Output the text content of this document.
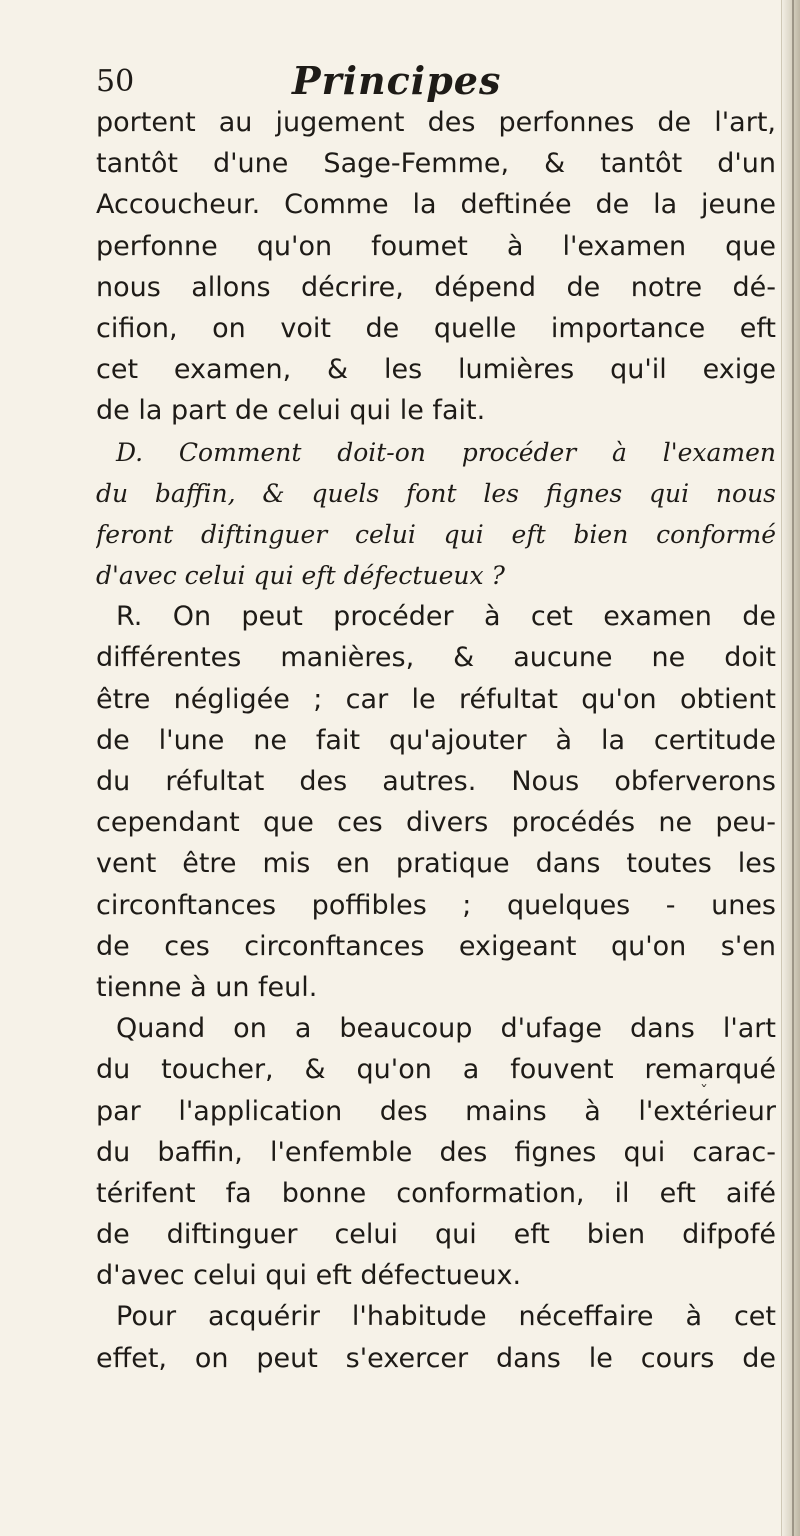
50	Principes
portent au jugement des perfonnes de l'art,
tantôt d'une Sage-Femme, & tantôt d'un
Accoucheur. Comme la deftinée de la jeune
perfonne qu'on foumet à l'examen que
nous allons décrire, dépend de notre dé-
cifion, on voit de quelle importance eft
cet examen, & les lumières qu'il exige
de la part de celui qui le fait.
D. Comment doit-on procéder à l'examen
du baffin, & quels font les fignes qui nous
feront diftinguer celui qui eft bien conformé
d'avec celui qui eft défectueux ?
R. On peut procéder à cet examen de
différentes manières, & aucune ne doit
être négligée ; car le réfultat qu'on obtient
de l'une ne fait qu'ajouter à la certitude
du réfultat des autres. Nous obferverons
cependant que ces divers procédés ne peu-
vent être mis en pratique dans toutes les
circonftances poffibles ; quelques - unes
de ces circonftances exigeant qu'on s'en
tienne à un feul.
Quand on a beaucoup d'ufage dans l'art
du toucher, & qu'on a fouvent remarqué
par l'application des mains à l'extérieur
du baffin, l'enfemble des fignes qui carac-
térifent fa bonne conformation, il eft aifé
de diftinguer celui qui eft bien difpofé
d'avec celui qui eft défectueux.
Pour acquérir l'habitude néceffaire à cet
effet, on peut s'exercer dans le cours de
ˇ
